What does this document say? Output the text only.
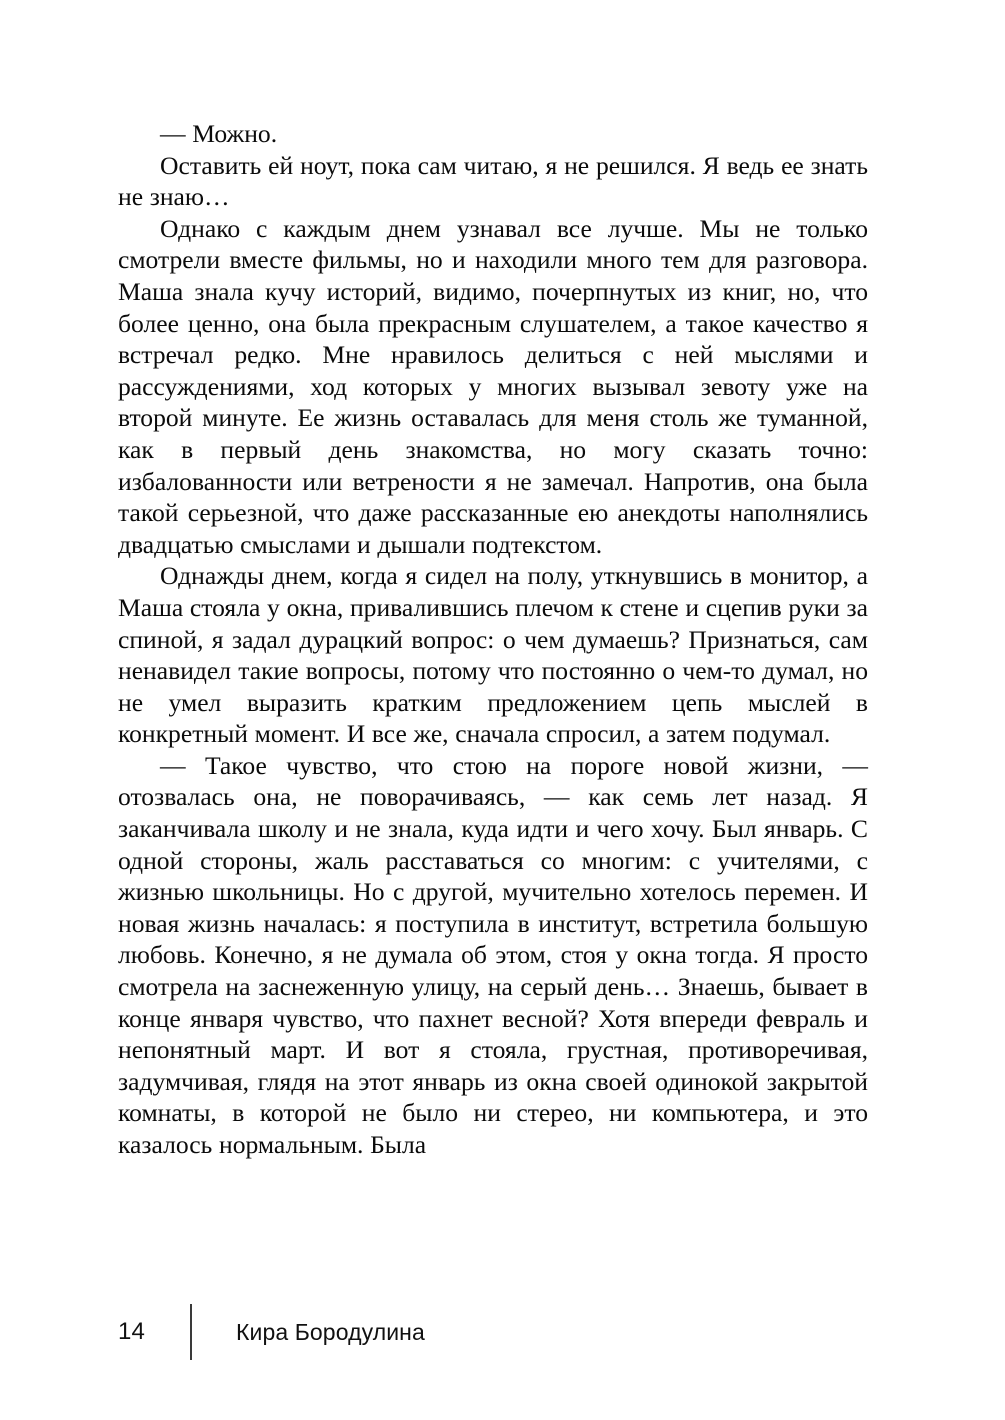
— Можно.

Оставить ей ноут, пока сам читаю, я не решился. Я ведь ее знать не знаю…

Однако с каждым днем узнавал все лучше. Мы не только смотрели вместе фильмы, но и находили много тем для разговора. Маша знала кучу историй, видимо, почерпнутых из книг, но, что более ценно, она была прекрасным слушателем, а такое качество я встречал редко. Мне нравилось делиться с ней мыслями и рассуждениями, ход которых у многих вызывал зевоту уже на второй минуте. Ее жизнь оставалась для меня столь же туманной, как в первый день знакомства, но могу сказать точно: избалованности или ветрености я не замечал. Напротив, она была такой серьезной, что даже рассказанные ею анекдоты наполнялись двадцатью смыслами и дышали подтекстом.

Однажды днем, когда я сидел на полу, уткнувшись в монитор, а Маша стояла у окна, привалившись плечом к стене и сцепив руки за спиной, я задал дурацкий вопрос: о чем думаешь? Признаться, сам ненавидел такие вопросы, потому что постоянно о чем-то думал, но не умел выразить кратким предложением цепь мыслей в конкретный момент. И все же, сначала спросил, а затем подумал.

— Такое чувство, что стою на пороге новой жизни, — отозвалась она, не поворачиваясь, — как семь лет назад. Я заканчивала школу и не знала, куда идти и чего хочу. Был январь. С одной стороны, жаль расставаться со многим: с учителями, с жизнью школьницы. Но с другой, мучительно хотелось перемен. И новая жизнь началась: я поступила в институт, встретила большую любовь. Конечно, я не думала об этом, стоя у окна тогда. Я просто смотрела на заснеженную улицу, на серый день… Знаешь, бывает в конце января чувство, что пахнет весной? Хотя впереди февраль и непонятный март. И вот я стояла, грустная, противоречивая, задумчивая, глядя на этот январь из окна своей одинокой закрытой комнаты, в которой не было ни стерео, ни компьютера, и это казалось нормальным. Была

14	Кира Бородулина
